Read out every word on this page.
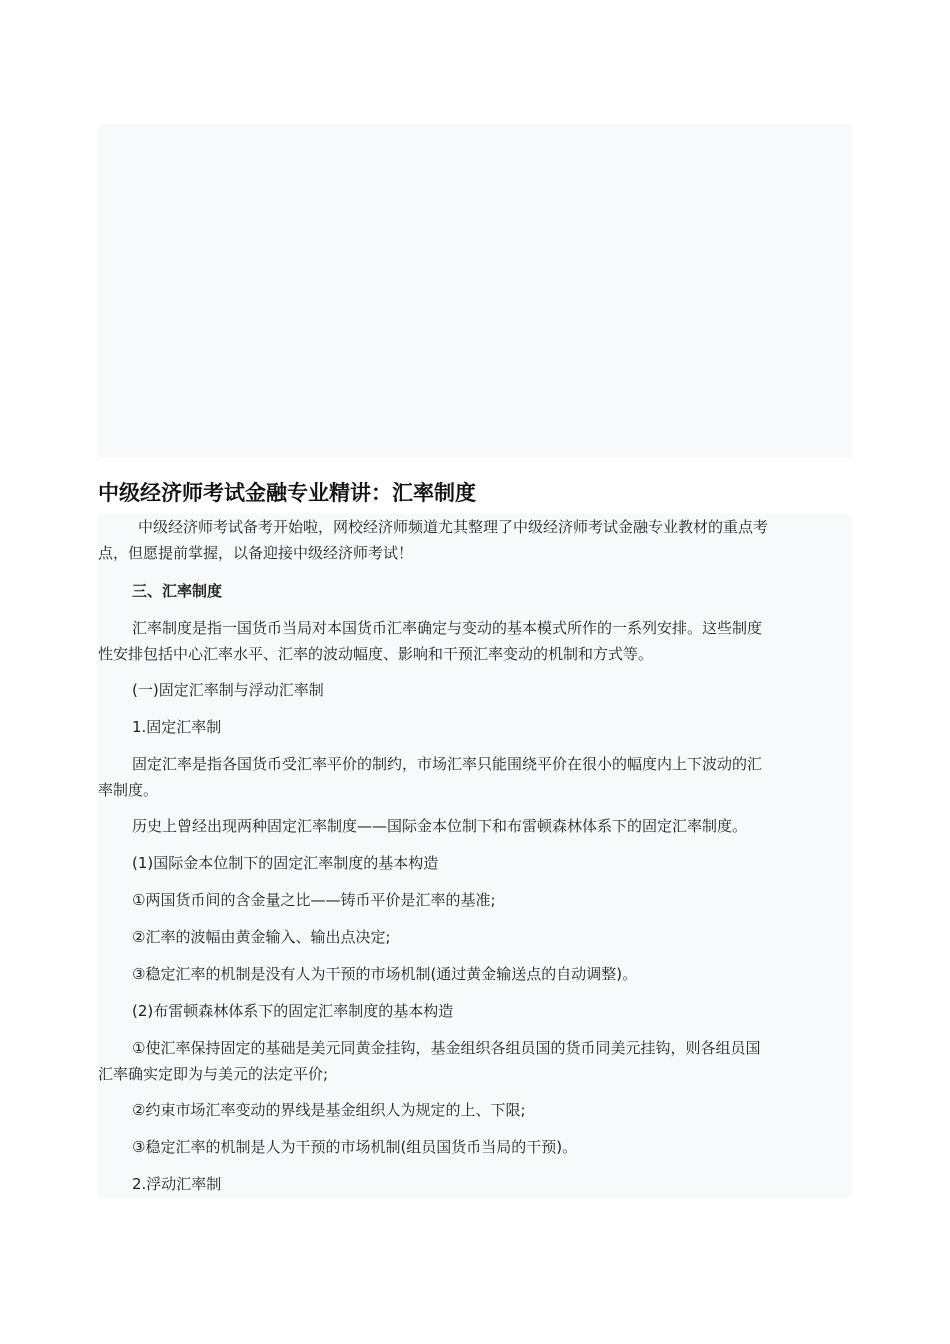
中级经济师考试金融专业精讲：汇率制度

中级经济师考试备考开始啦，网校经济师频道尤其整理了中级经济师考试金融专业教材的重点考
点，但愿提前掌握，以备迎接中级经济师考试！

三、汇率制度

汇率制度是指一国货币当局对本国货币汇率确定与变动的基本模式所作的一系列安排。这些制度
性安排包括中心汇率水平、汇率的波动幅度、影响和干预汇率变动的机制和方式等。

(一)固定汇率制与浮动汇率制

1.固定汇率制

固定汇率是指各国货币受汇率平价的制约，市场汇率只能围绕平价在很小的幅度内上下波动的汇
率制度。

历史上曾经出现两种固定汇率制度——国际金本位制下和布雷顿森林体系下的固定汇率制度。

(1)国际金本位制下的固定汇率制度的基本构造

①两国货币间的含金量之比——铸币平价是汇率的基准;

②汇率的波幅由黄金输入、输出点决定;

③稳定汇率的机制是没有人为干预的市场机制(通过黄金输送点的自动调整)。

(2)布雷顿森林体系下的固定汇率制度的基本构造

①使汇率保持固定的基础是美元同黄金挂钩，基金组织各组员国的货币同美元挂钩，则各组员国
汇率确实定即为与美元的法定平价;

②约束市场汇率变动的界线是基金组织人为规定的上、下限;

③稳定汇率的机制是人为干预的市场机制(组员国货币当局的干预)。

2.浮动汇率制
